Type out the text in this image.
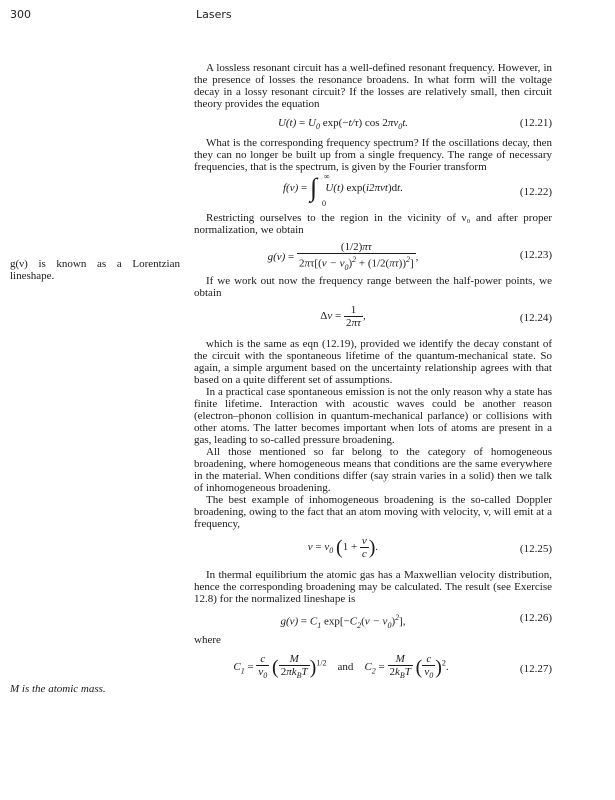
300	Lasers
g(ν) is known as a Lorentzian lineshape.
M is the atomic mass.

A lossless resonant circuit has a well-defined resonant frequency. However, in the presence of losses the resonance broadens. In what form will the voltage decay in a lossy resonant circuit? If the losses are relatively small, then circuit theory provides the equation

$U(t) = U_0$ exp(−t/τ) $\cos 2\pi\nu_0t$.	(12.21)

What is the corresponding frequency spectrum? If the oscillations decay, then they can no longer be built up from a single frequency. The range of necessary frequencies, that is the spectrum, is given by the Fourier transform

f(ν) = ∫ ∞
0
U(t) exp(i2πνt)dt.	(12.22)

Restricting ourselves to the region in the vicinity of ν₀ and after proper normalization, we obtain

$g(\nu) = \frac{(1/2)\pi\tau}{2\pi\tau[(\nu - \nu_0)^2 + (1/2(\pi\tau))^2]}$ ,	(12.23)

If we work out now the frequency range between the half-power points, we obtain

$\Delta\nu = \frac{1}{2\pi\tau}$ ,	(12.24)

which is the same as eqn (12.19), provided we identify the decay constant of the circuit with the spontaneous lifetime of the quantum-mechanical state. So again, a simple argument based on the uncertainty relationship agrees with that based on a quite different set of assumptions.

In a practical case spontaneous emission is not the only reason why a state has finite lifetime. Interaction with acoustic waves could be another reason (electron–phonon collision in quantum-mechanical parlance) or collisions with other atoms. The latter becomes important when lots of atoms are present in a gas, leading to so-called pressure broadening.

All those mentioned so far belong to the category of homogeneous broadening, where homogeneous means that conditions are the same everywhere in the material. When conditions differ (say strain varies in a solid) then we talk of inhomogeneous broadening.

The best example of inhomogeneous broadening is the so-called Doppler broadening, owing to the fact that an atom moving with velocity, v, will emit at a frequency,

$\nu = \nu_0$ ($1 + \frac{v}{c}$ ).	(12.25)

In thermal equilibrium the atomic gas has a Maxwellian velocity distribution, hence the corresponding broadening may be calculated. The result (see Exercise 12.8) for the normalized lineshape is

$g(\nu) = C_1$ $\exp[-C_2(\nu - \nu_0)^2]$,	(12.26)

where

$C_1 = \frac{c}{\nu_0}$ ( $\frac{M}{2\pi k_BT} )^{1/2}$ and    $C_2 = \frac{M}{2k_BT}$ ( $\frac{c}{\nu_0} )^2$.	(12.27)
